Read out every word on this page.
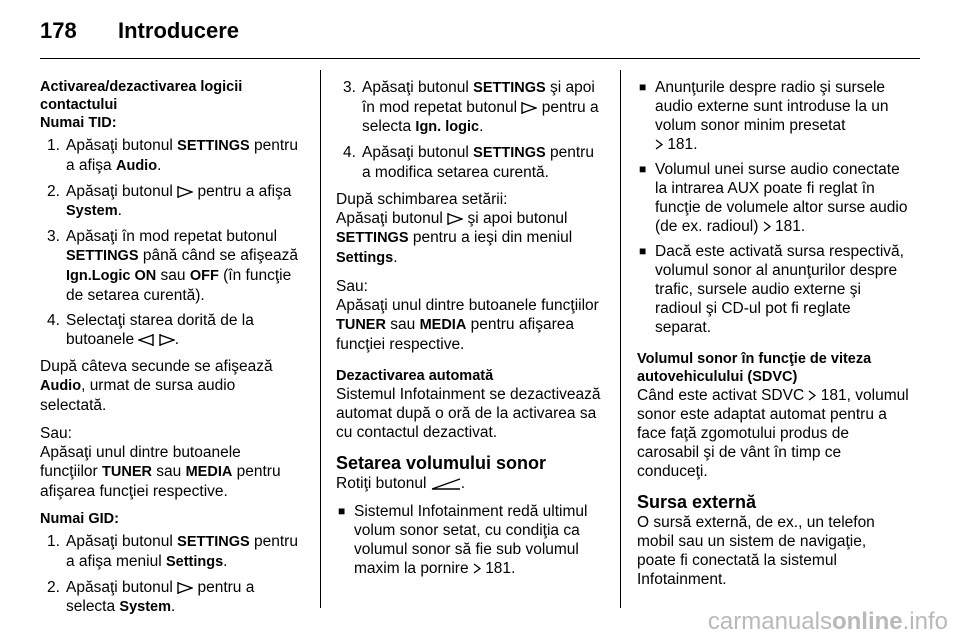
178	Introducere
Activarea/dezactivarea logicii contactului
Numai TID:
1. Apăsaţi butonul SETTINGS pentru a afişa Audio.
2. Apăsaţi butonul  pentru a afişa System.
3. Apăsaţi în mod repetat butonul SETTINGS până când se afişează Ign.Logic ON sau OFF (în funcţie de setarea curentă).
4. Selectaţi starea dorită de la butoanele  .

După câteva secunde se afişează Audio, urmat de sursa audio selectată.

Sau:

Apăsaţi unul dintre butoanele funcţiilor TUNER sau MEDIA pentru afişarea funcţiei respective.

Numai GID:
1. Apăsaţi butonul SETTINGS pentru a afişa meniul Settings.
2. Apăsaţi butonul  pentru a selecta System.
3. Apăsaţi butonul SETTINGS şi apoi în mod repetat butonul  pentru a selecta Ign. logic.
4. Apăsaţi butonul SETTINGS pentru a modifica setarea curentă.
După schimbarea setării:

Apăsaţi butonul  şi apoi butonul SETTINGS pentru a ieşi din meniul Settings.

Sau:

Apăsaţi unul dintre butoanele funcţiilor TUNER sau MEDIA pentru afişarea funcţiei respective.

Dezactivarea automată

Sistemul Infotainment se dezactivează automat după o oră de la activarea sa cu contactul dezactivat.

Setarea volumului sonor

Rotiţi butonul .

■ Sistemul Infotainment redă ultimul volum sonor setat, cu condiţia ca volumul sonor să fie sub volumul maxim la pornire  181.
■ Anunţurile despre radio şi sursele audio externe sunt introduse la un volum sonor minim presetat
181.
■ Volumul unei surse audio conectate la intrarea AUX poate fi reglat în funcţie de volumele altor surse audio (de ex. radioul)  181.
■ Dacă este activată sursa respectivă, volumul sonor al anunţurilor despre trafic, sursele audio externe şi radioul şi CD-ul pot fi reglate separat.
Volumul sonor în funcţie de viteza autovehiculului (SDVC)

Când este activat SDVC  181, volumul sonor este adaptat automat pentru a face faţă zgomotului produs de carosabil şi de vânt în timp ce conduceţi.

Sursa externă

O sursă externă, de ex., un telefon mobil sau un sistem de navigaţie, poate fi conectată la sistemul Infotainment.

carmanualsonline.info
